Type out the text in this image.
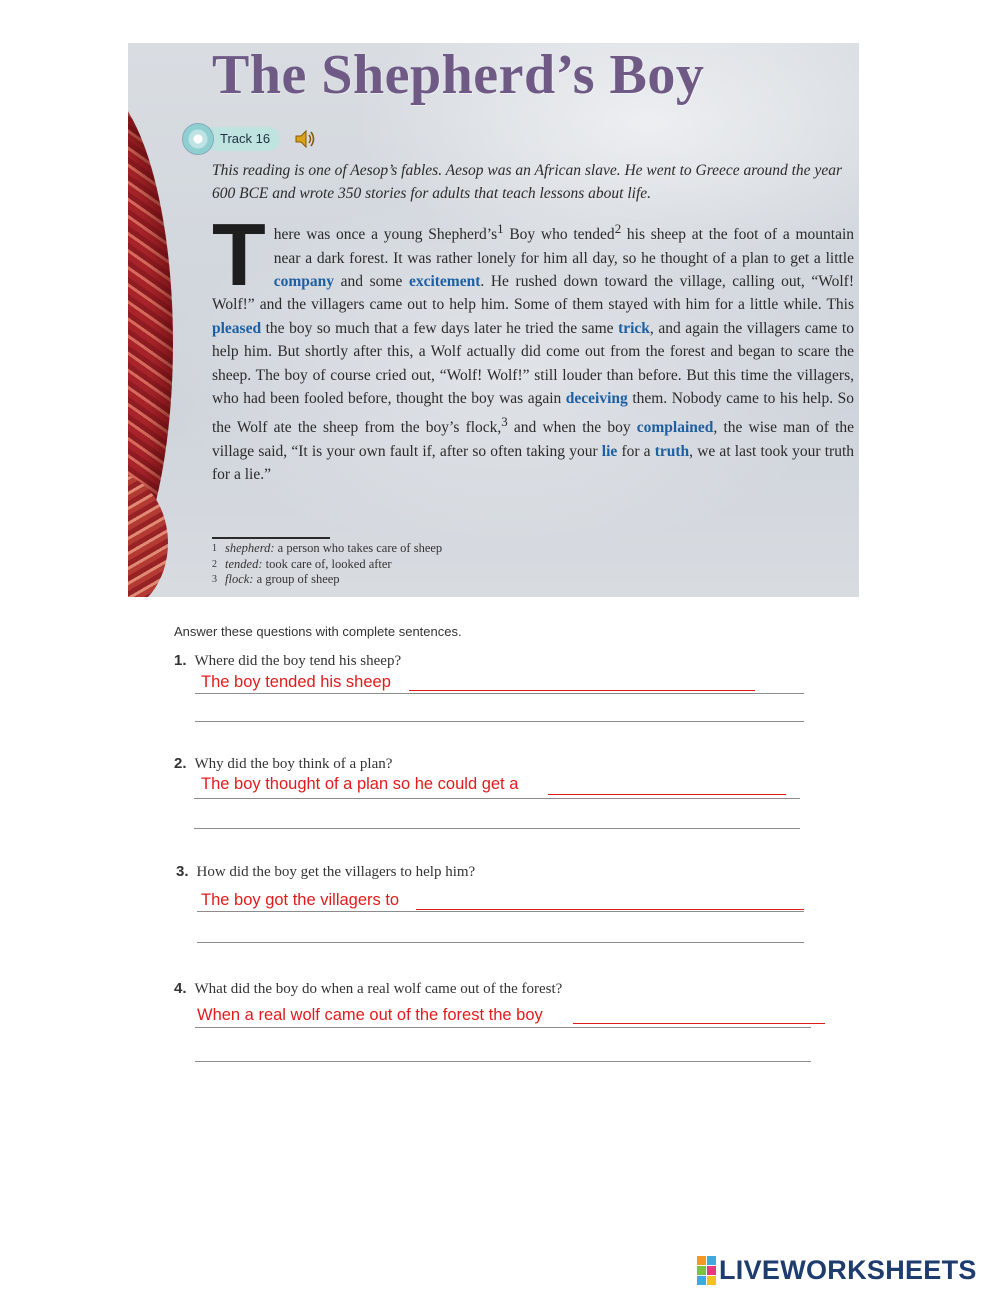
The Shepherd’s Boy
Track 16
This reading is one of Aesop’s fables. Aesop was an African slave. He went to Greece around the year 600 BCE and wrote 350 stories for adults that teach lessons about life.
There was once a young $Shepherd’s^1$ Boy who tended$^2$ his sheep at the foot of a mountain near a dark forest. It was rather lonely for him all day, so he thought of a plan to get a little company and some excitement. He rushed down toward the village, calling out, “Wolf! Wolf!” and the villagers came out to help him. Some of them stayed with him for a little while. This pleased the boy so much that a few days later he tried the same trick, and again the villagers came to help him. But shortly after this, a Wolf actually did come out from the forest and began to scare the sheep. The boy of course cried out, “Wolf! Wolf!” still louder than before. But this time the villagers, who had been fooled before, thought the boy was again deceiving them. Nobody came to his help. So the Wolf ate the sheep from the boy’s flock,$^3$ and when the boy complained, the wise man of the village said, “It is your own fault if, after so often taking your lie for a truth, we at last took your truth for a lie.”
1 shepherd: a person who takes care of sheep
2 tended: took care of, looked after
3 flock: a group of sheep
Answer these questions with complete sentences.
1. Where did the boy tend his sheep?
The boy tended his sheep
2. Why did the boy think of a plan?
The boy thought of a plan so he could get a
3. How did the boy get the villagers to help him?
The boy got the villagers to
4. What did the boy do when a real wolf came out of the forest?
When a real wolf came out of the forest the boy
LIVEWORKSHEETS
